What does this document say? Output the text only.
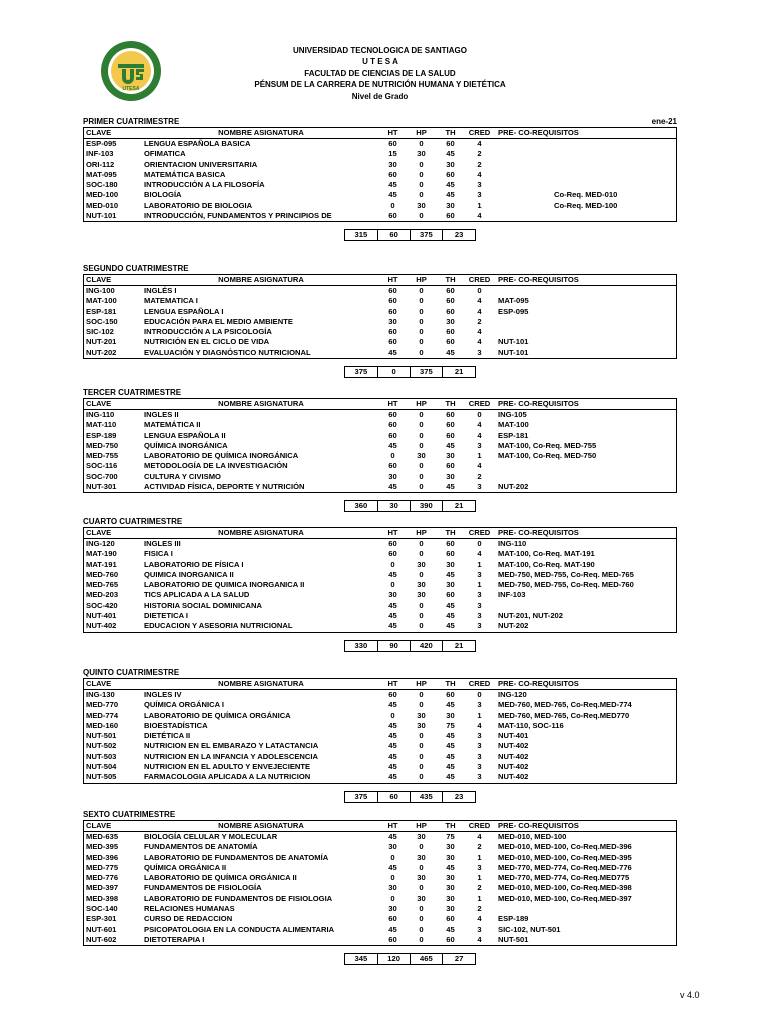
UTESA
UNIVERSIDAD TECNOLOGICA DE SANTIAGO
U T E S A
FACULTAD DE CIENCIAS DE LA SALUD
PÉNSUM DE LA CARRERA DE NUTRICIÓN HUMANA Y DIETÉTICA
Nivel de Grado
PRIMER CUATRIMESTRE	ene-21
CLAVE	NOMBRE ASIGNATURA	HT	HP	TH	CRED	PRE- CO-REQUISITOS
ESP-095	LENGUA ESPAÑOLA BASICA	60	0	60	4
INF-103	OFIMATICA	15	30	45	2
ORI-112	ORIENTACION UNIVERSITARIA	30	0	30	2
MAT-095	MATEMÁTICA BASICA	60	0	60	4
SOC-180	INTRODUCCIÓN A LA FILOSOFÍA	45	0	45	3
MED-100	BIOLOGÍA	45	0	45	3	Co-Req. MED-010
MED-010	LABORATORIO DE BIOLOGIA	0	30	30	1	Co-Req. MED-100
NUT-101	INTRODUCCIÓN, FUNDAMENTOS Y PRINCIPIOS DE	60	0	60	4
315	60	375	23
SEGUNDO CUATRIMESTRE
CLAVE	NOMBRE ASIGNATURA	HT	HP	TH	CRED	PRE- CO-REQUISITOS
ING-100	INGLÉS I	60	0	60	0
MAT-100	MATEMATICA I	60	0	60	4	MAT-095
ESP-181	LENGUA ESPAÑOLA I	60	0	60	4	ESP-095
SOC-150	EDUCACIÓN PARA EL MEDIO AMBIENTE	30	0	30	2
SIC-102	INTRODUCCIÓN A LA PSICOLOGÍA	60	0	60	4
NUT-201	NUTRICIÓN EN EL CICLO DE VIDA	60	0	60	4	NUT-101
NUT-202	EVALUACIÓN Y DIAGNÓSTICO NUTRICIONAL	45	0	45	3	NUT-101
375	0	375	21
TERCER CUATRIMESTRE
CLAVE	NOMBRE ASIGNATURA	HT	HP	TH	CRED	PRE- CO-REQUISITOS
ING-110	INGLES II	60	0	60	0	ING-105
MAT-110	MATEMÁTICA II	60	0	60	4	MAT-100
ESP-189	LENGUA ESPAÑOLA II	60	0	60	4	ESP-181
MED-750	QUÍMICA INORGÁNICA	45	0	45	3	MAT-100, Co-Req. MED-755
MED-755	LABORATORIO DE QUÍMICA INORGÁNICA	0	30	30	1	MAT-100, Co-Req. MED-750
SOC-116	METODOLOGÍA DE LA INVESTIGACIÓN	60	0	60	4
SOC-700	CULTURA Y CIVISMO	30	0	30	2
NUT-301	ACTIVIDAD FÍSICA, DEPORTE Y NUTRICIÓN	45	0	45	3	NUT-202
360	30	390	21
CUARTO CUATRIMESTRE
CLAVE	NOMBRE ASIGNATURA	HT	HP	TH	CRED	PRE- CO-REQUISITOS
ING-120	INGLES III	60	0	60	0	ING-110
MAT-190	FISICA I	60	0	60	4	MAT-100, Co-Req. MAT-191
MAT-191	LABORATORIO DE FÍSICA I	0	30	30	1	MAT-100, Co-Req. MAT-190
MED-760	QUIMICA INORGANICA II	45	0	45	3	MED-750, MED-755, Co-Req. MED-765
MED-765	LABORATORIO DE QUIMICA INORGANICA II	0	30	30	1	MED-750, MED-755, Co-Req. MED-760
MED-203	TICS APLICADA A LA SALUD	30	30	60	3	INF-103
SOC-420	HISTORIA SOCIAL DOMINICANA	45	0	45	3
NUT-401	DIETETICA I	45	0	45	3	NUT-201, NUT-202
NUT-402	EDUCACION Y ASESORIA NUTRICIONAL	45	0	45	3	NUT-202
330	90	420	21
QUINTO CUATRIMESTRE
CLAVE	NOMBRE ASIGNATURA	HT	HP	TH	CRED	PRE- CO-REQUISITOS
ING-130	INGLES IV	60	0	60	0	ING-120
MED-770	QUÍMICA ORGÁNICA I	45	0	45	3	MED-760, MED-765, Co-Req.MED-774
MED-774	LABORATORIO DE QUÍMICA ORGÁNICA	0	30	30	1	MED-760, MED-765, Co-Req.MED770
MED-160	BIOESTADÍSTICA	45	30	75	4	MAT-110, SOC-116
NUT-501	DIETÉTICA II	45	0	45	3	NUT-401
NUT-502	NUTRICION EN EL EMBARAZO Y LATACTANCIA	45	0	45	3	NUT-402
NUT-503	NUTRICION EN LA INFANCIA Y ADOLESCENCIA	45	0	45	3	NUT-402
NUT-504	NUTRICION EN EL ADULTO Y ENVEJECIENTE	45	0	45	3	NUT-402
NUT-505	FARMACOLOGIA APLICADA A LA NUTRICION	45	0	45	3	NUT-402
375	60	435	23
SEXTO CUATRIMESTRE
CLAVE	NOMBRE ASIGNATURA	HT	HP	TH	CRED	PRE- CO-REQUISITOS
MED-635	BIOLOGÍA CELULAR Y MOLECULAR	45	30	75	4	MED-010, MED-100
MED-395	FUNDAMENTOS DE ANATOMÍA	30	0	30	2	MED-010, MED-100, Co-Req.MED-396
MED-396	LABORATORIO DE FUNDAMENTOS DE ANATOMÍA	0	30	30	1	MED-010, MED-100, Co-Req.MED-395
MED-775	QUÍMICA ORGÁNICA II	45	0	45	3	MED-770, MED-774, Co-Req.MED-776
MED-776	LABORATORIO DE QUÍMICA ORGÁNICA II	0	30	30	1	MED-770, MED-774, Co-Req.MED775
MED-397	FUNDAMENTOS DE FISIOLOGÍA	30	0	30	2	MED-010, MED-100, Co-Req.MED-398
MED-398	LABORATORIO DE FUNDAMENTOS DE FISIOLOGIA	0	30	30	1	MED-010, MED-100, Co-Req.MED-397
SOC-140	RELACIONES HUMANAS	30	0	30	2
ESP-301	CURSO DE REDACCION	60	0	60	4	ESP-189
NUT-601	PSICOPATOLOGIA EN LA CONDUCTA ALIMENTARIA	45	0	45	3	SIC-102, NUT-501
NUT-602	DIETOTERAPIA I	60	0	60	4	NUT-501
345	120	465	27
v 4.0
